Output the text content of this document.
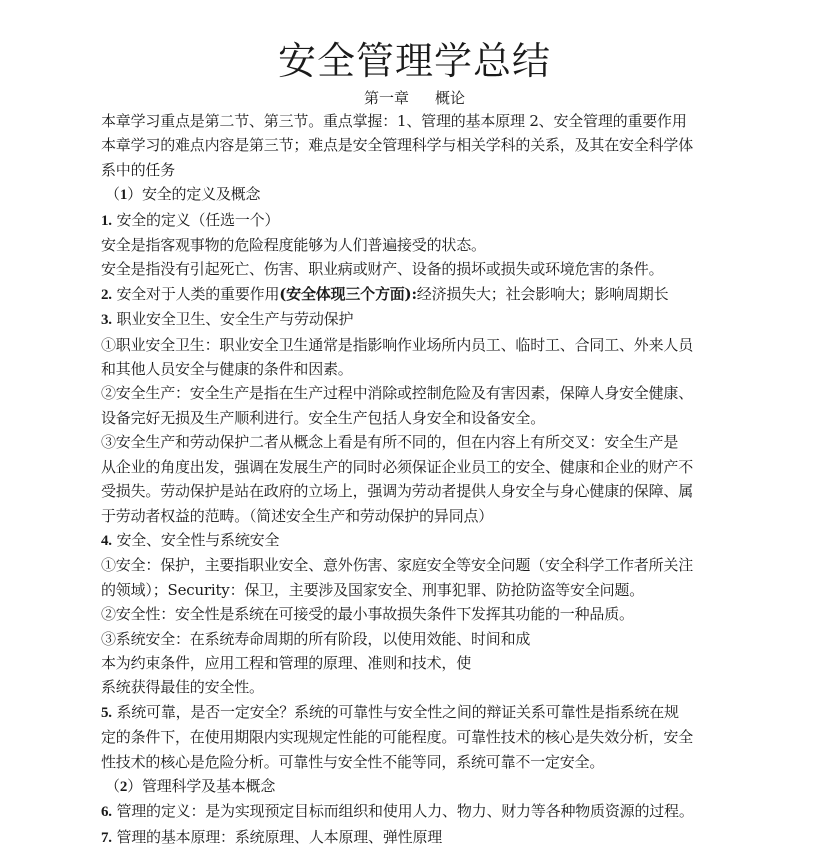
安全管理学总结
第一章 概论

本章学习重点是第二节、第三节。重点掌握：1、管理的基本原理 2、安全管理的重要作用

本章学习的难点内容是第三节；难点是安全管理科学与相关学科的关系，及其在安全科学体

系中的任务

（1）安全的定义及概念

1. 安全的定义（任选一个）

安全是指客观事物的危险程度能够为人们普遍接受的状态。

安全是指没有引起死亡、伤害、职业病或财产、设备的损坏或损失或环境危害的条件。

2. 安全对于人类的重要作用(安全体现三个方面):经济损失大；社会影响大；影响周期长

3. 职业安全卫生、安全生产与劳动保护

①职业安全卫生：职业安全卫生通常是指影响作业场所内员工、临时工、合同工、外来人员

和其他人员安全与健康的条件和因素。

②安全生产：安全生产是指在生产过程中消除或控制危险及有害因素，保障人身安全健康、

设备完好无损及生产顺利进行。安全生产包括人身安全和设备安全。

③安全生产和劳动保护二者从概念上看是有所不同的，但在内容上有所交叉：安全生产是

从企业的角度出发，强调在发展生产的同时必须保证企业员工的安全、健康和企业的财产不

受损失。劳动保护是站在政府的立场上，强调为劳动者提供人身安全与身心健康的保障、属

于劳动者权益的范畴。（简述安全生产和劳动保护的异同点）

4. 安全、安全性与系统安全

①安全：保护，主要指职业安全、意外伤害、家庭安全等安全问题（安全科学工作者所关注

的领域）；Security：保卫，主要涉及国家安全、刑事犯罪、防抢防盗等安全问题。

②安全性：安全性是系统在可接受的最小事故损失条件下发挥其功能的一种品质。

③系统安全：在系统寿命周期的所有阶段，以使用效能、时间和成

本为约束条件，应用工程和管理的原理、准则和技术，使

系统获得最佳的安全性。

5. 系统可靠，是否一定安全？系统的可靠性与安全性之间的辩证关系可靠性是指系统在规

定的条件下，在使用期限内实现规定性能的可能程度。可靠性技术的核心是失效分析，安全

性技术的核心是危险分析。可靠性与安全性不能等同，系统可靠不一定安全。

（2）管理科学及基本概念

6. 管理的定义：是为实现预定目标而组织和使用人力、物力、财力等各种物质资源的过程。

7. 管理的基本原理：系统原理、人本原理、弹性原理
